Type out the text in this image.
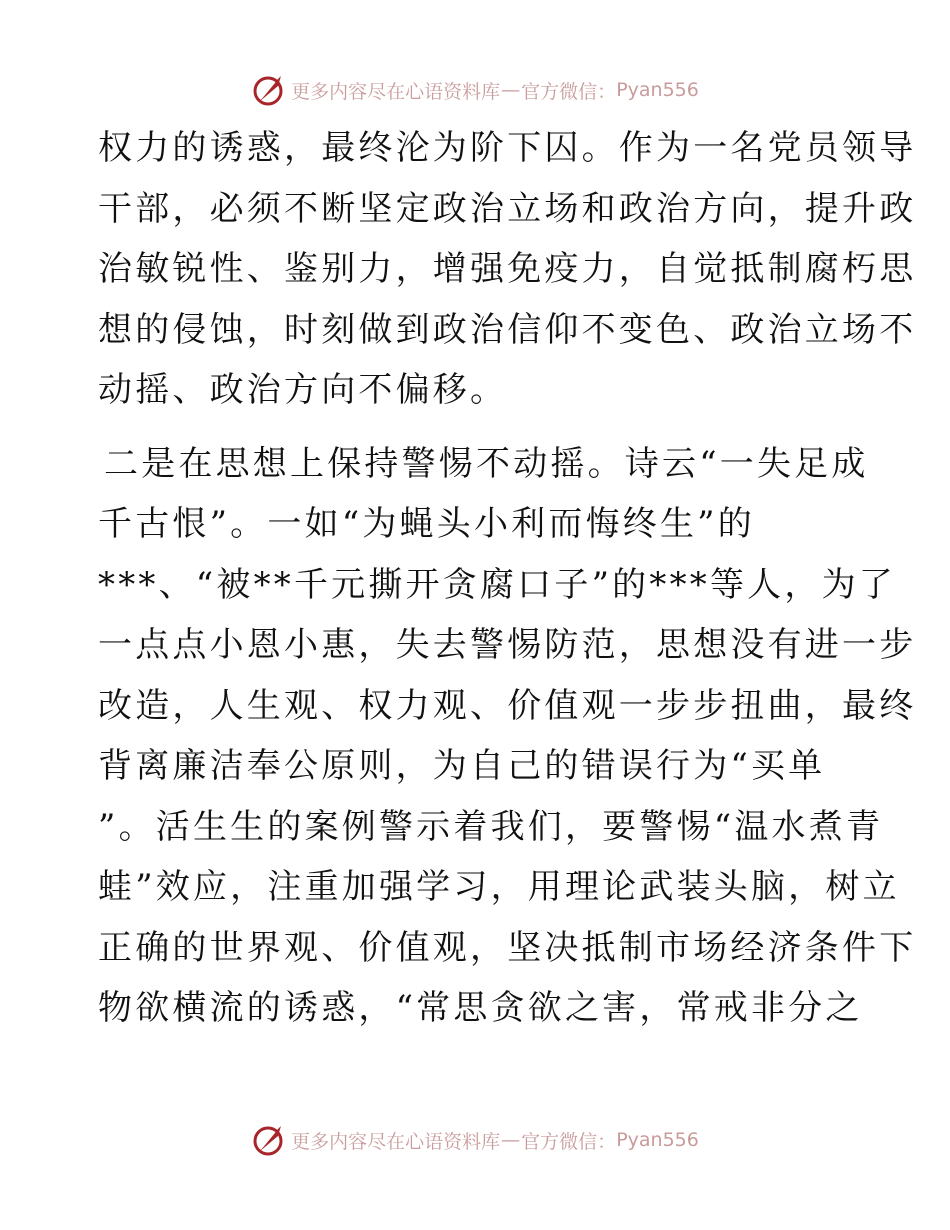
更多内容尽在心语资料库 — 官方微信： Pyan556
权力的诱惑，最终沦为阶下囚。作为一名党员领导
干部，必须不断坚定政治立场和政治方向，提升政
治敏锐性、鉴别力，增强免疫力，自觉抵制腐朽思
想的侵蚀，时刻做到政治信仰不变色、政治立场不
动摇、政治方向不偏移。
二是在思想上保持警惕不动摇。诗云“一失足成
千古恨”。一如“为蝇头小利而悔终生”的
***、“被**千元撕开贪腐口子”的***等人，为了
一点点小恩小惠，失去警惕防范，思想没有进一步
改造，人生观、权力观、价值观一步步扭曲，最终
背离廉洁奉公原则，为自己的错误行为“买单
”。活生生的案例警示着我们，要警惕“温水煮青
蛙”效应，注重加强学习，用理论武装头脑，树立
正确的世界观、价值观，坚决抵制市场经济条件下
物欲横流的诱惑，“常思贪欲之害，常戒非分之
更多内容尽在心语资料库 — 官方微信： Pyan556
